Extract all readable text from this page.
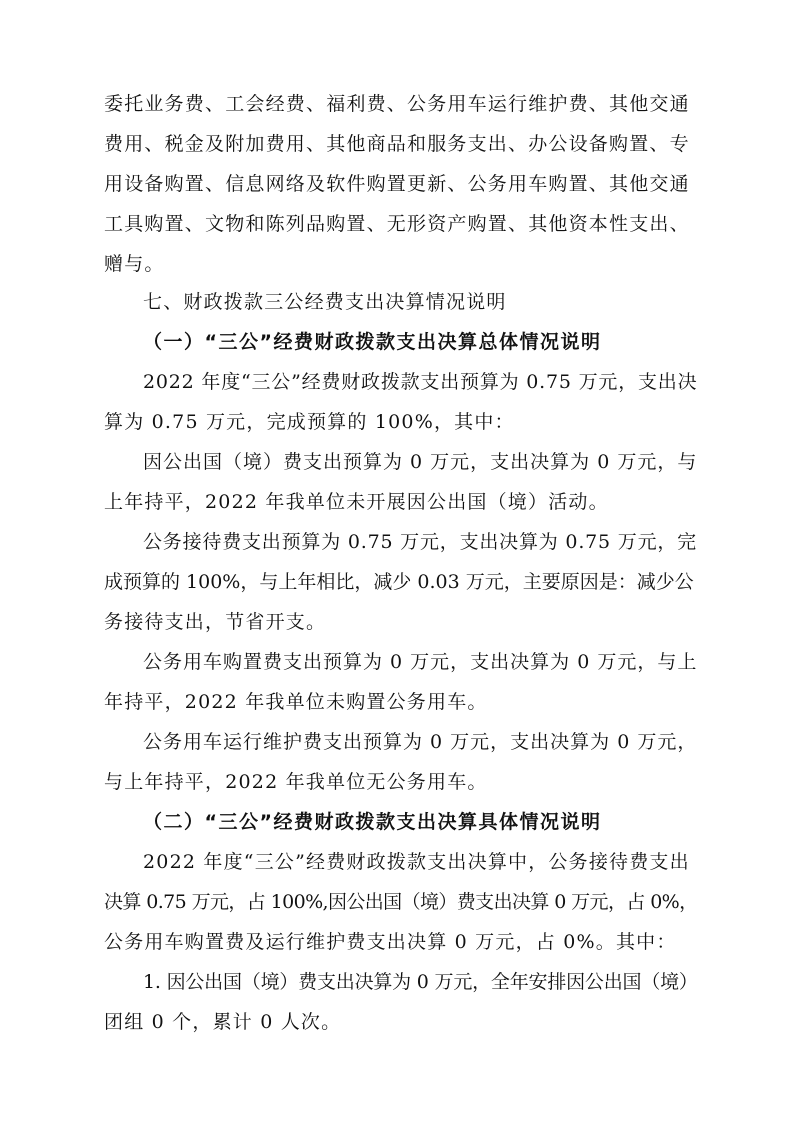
委托业务费、工会经费、福利费、公务用车运行维护费、其他交通
费用、税金及附加费用、其他商品和服务支出、办公设备购置、专
用设备购置、信息网络及软件购置更新、公务用车购置、其他交通
工具购置、文物和陈列品购置、无形资产购置、其他资本性支出、
赠与。
七、财政拨款三公经费支出决算情况说明
（一）“三公”经费财政拨款支出决算总体情况说明
2022 年度“三公”经费财政拨款支出预算为 0.75 万元，支出决
算为 0.75 万元，完成预算的 100%，其中：
因公出国（境）费支出预算为 0 万元，支出决算为 0 万元，与
上年持平，2022 年我单位未开展因公出国（境）活动。
公务接待费支出预算为 0.75 万元，支出决算为 0.75 万元，完
成预算的 100%，与上年相比，减少 0.03 万元，主要原因是：减少公
务接待支出，节省开支。
公务用车购置费支出预算为 0 万元，支出决算为 0 万元，与上
年持平，2022 年我单位未购置公务用车。
公务用车运行维护费支出预算为 0 万元，支出决算为 0 万元，
与上年持平，2022 年我单位无公务用车。
（二）“三公”经费财政拨款支出决算具体情况说明
2022 年度“三公”经费财政拨款支出决算中，公务接待费支出
决算 0.75 万元，占 100%,因公出国（境）费支出决算 0 万元，占 0%，
公务用车购置费及运行维护费支出决算 0 万元，占 0%。其中：
1. 因公出国（境）费支出决算为 0 万元，全年安排因公出国（境）
团组 0 个，累计 0 人次。
